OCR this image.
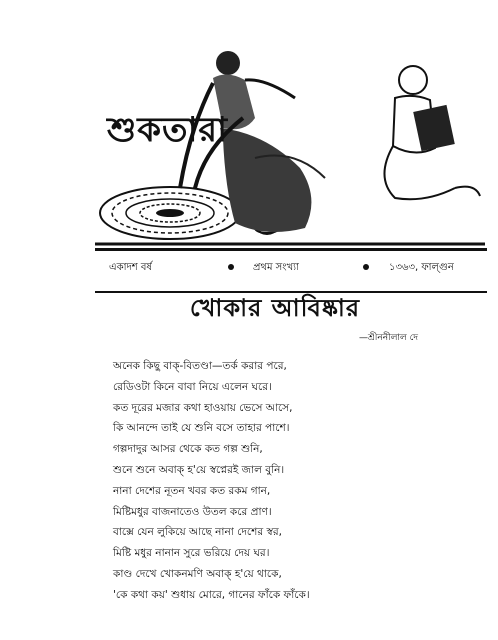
শুকতারা
একাদশ বর্ষ	প্রথম সংখ্যা	১৩৬৩, ফাল্গুন
খোকার আবিষ্কার
—শ্রীননীলাল দে
অনেক কিছু বাক্-বিতণ্ডা—তর্ক করার পরে,
রেডিওটা কিনে বাবা নিয়ে এলেন ঘরে।
কত দূরের মজার কথা হাওয়ায় ভেসে আসে,
কি আনন্দে তাই যে শুনি বসে তাহার পাশে।
গল্পদাদুর আসর থেকে কত গল্প শুনি,
শুনে শুনে অবাক্ হ'য়ে স্বপ্নেরই জাল বুনি।
নানা দেশের নূতন খবর কত রকম গান,
মিষ্টিমধুর বাজনাতেও উতল করে প্রাণ।
বাক্সে যেন লুকিয়ে আছে নানা দেশের স্বর,
মিষ্টি মধুর নানান সুরে ভরিয়ে দেয় ঘর।
কাণ্ড দেখে খোকনমণি অবাক্ হ'য়ে থাকে,
'কে কথা কয়' শুধায় মোরে, গানের ফাঁকে ফাঁকে।
